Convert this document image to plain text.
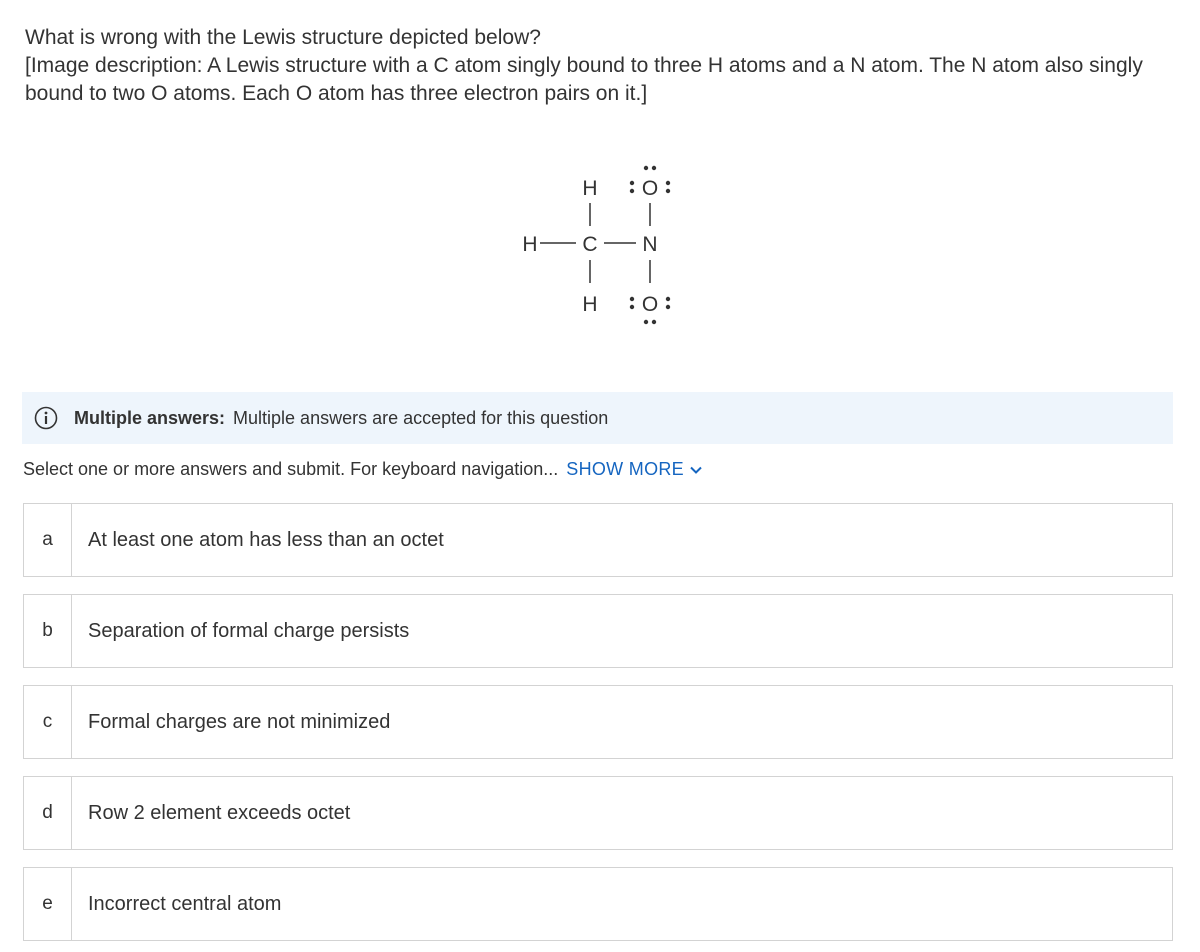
What is wrong with the Lewis structure depicted below?

[Image description: A Lewis structure with a C atom singly bound to three H atoms and a N atom. The N atom also singly bound to two O atoms. Each O atom has three electron pairs on it.]

H
H C
H
N
O
O
Multiple answers: Multiple answers are accepted for this question
Select one or more answers and submit. For keyboard navigation... SHOW MORE
a	At least one atom has less than an octet
b	Separation of formal charge persists
c	Formal charges are not minimized
d	Row 2 element exceeds octet
e	Incorrect central atom
